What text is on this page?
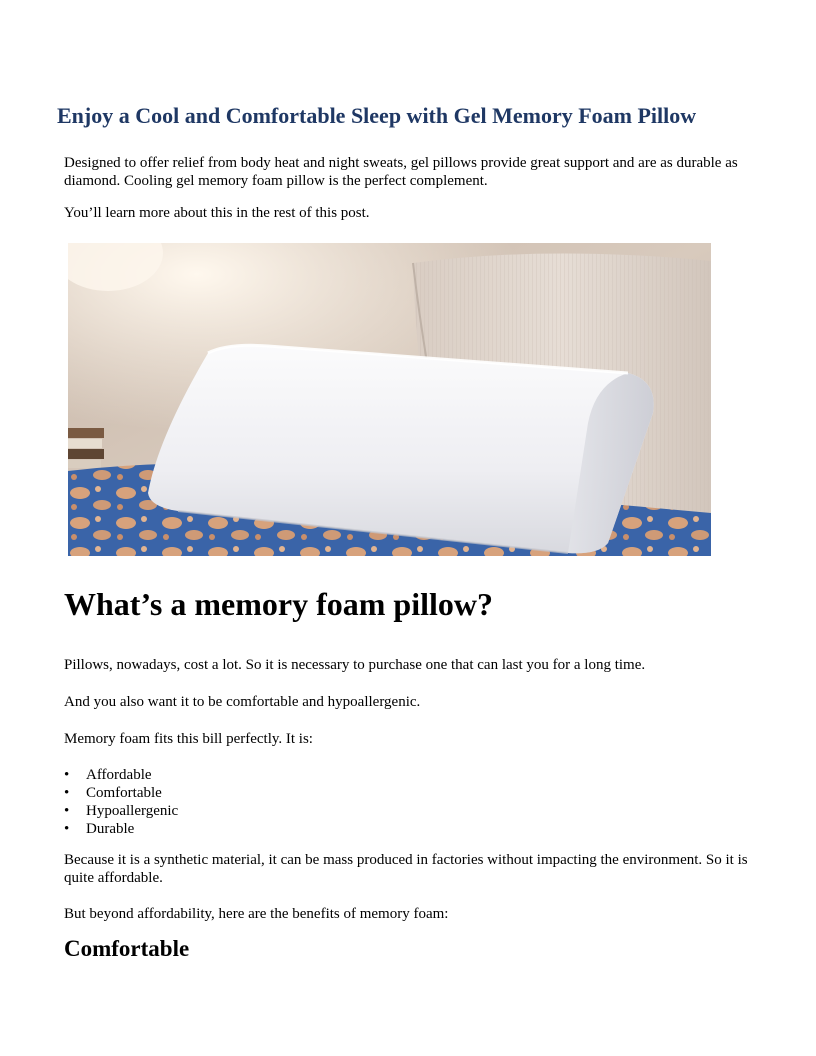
Enjoy a Cool and Comfortable Sleep with Gel Memory Foam Pillow

Designed to offer relief from body heat and night sweats, gel pillows provide great support and are as durable as diamond. Cooling gel memory foam pillow is the perfect complement.

You’ll learn more about this in the rest of this post.

What’s a memory foam pillow?

Pillows, nowadays, cost a lot. So it is necessary to purchase one that can last you for a long time.

And you also want it to be comfortable and hypoallergenic.

Memory foam fits this bill perfectly. It is:

• Affordable
• Comfortable
• Hypoallergenic
• Durable

Because it is a synthetic material, it can be mass produced in factories without impacting the environment. So it is quite affordable.

But beyond affordability, here are the benefits of memory foam:

Comfortable
